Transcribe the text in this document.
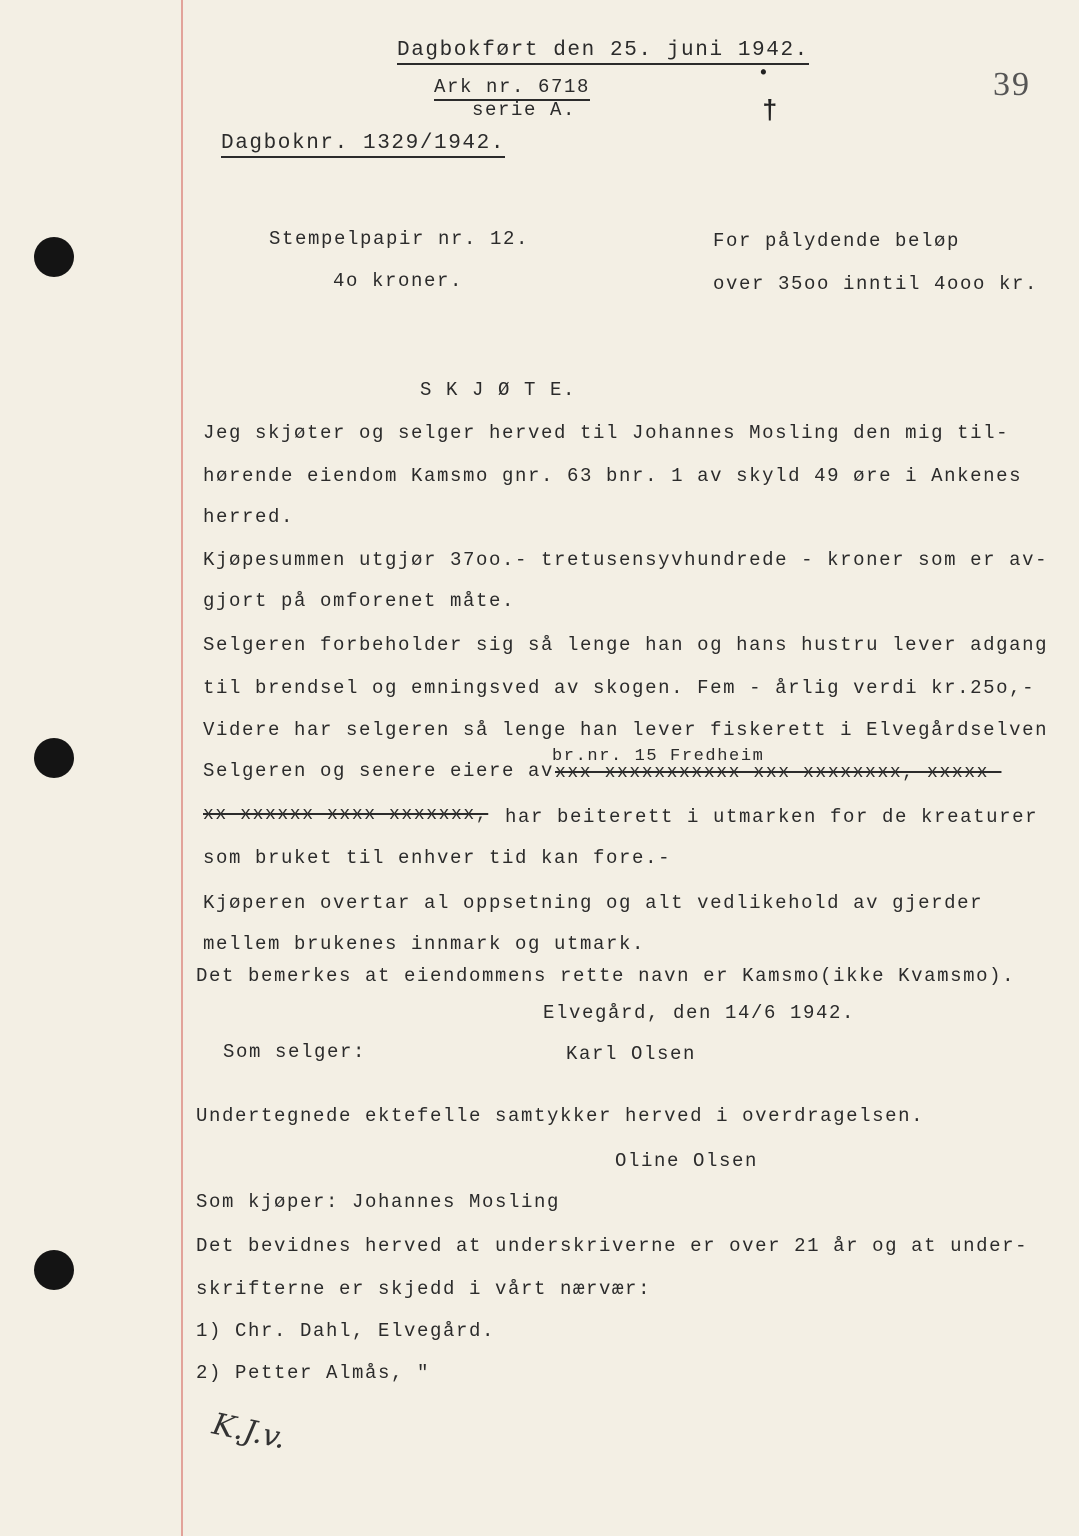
Dagbokført den 25. juni 1942.
Ark nr. 6718
serie A.
Dagboknr. 1329/1942.
39
•
†
Stempelpapir nr. 12.
4o kroner.
For pålydende beløp
over 35oo inntil 4ooo kr.
S K J Ø T E.
Jeg skjøter og selger herved til Johannes Mosling den mig til-
hørende eiendom Kamsmo gnr. 63 bnr. 1 av skyld 49 øre i Ankenes
herred.
Kjøpesummen utgjør 37oo.- tretusensyvhundrede - kroner som er av-
gjort på omforenet måte.
Selgeren forbeholder sig så lenge han og hans hustru lever adgang
til brendsel og emningsved av skogen. Fem - årlig verdi kr.25o,-
Videre har selgeren så lenge han lever fiskerett i Elvegårdselven
br.nr. 15 Fredheim
Selgeren og senere eiere av xxx xxxxxxxxxxx xxx xxxxxxxx, xxxxx-
xx xxxxxx xxxx xxxxxxx, har beiterett i utmarken for de kreaturer
som bruket til enhver tid kan fore.-
Kjøperen overtar al oppsetning og alt vedlikehold av gjerder
mellem brukenes innmark og utmark.
Det bemerkes at eiendommens rette navn er Kamsmo(ikke Kvamsmo).
Elvegård, den 14/6 1942.
Som selger:	Karl Olsen
Undertegnede ektefelle samtykker herved i overdragelsen.
Oline Olsen
Som kjøper: Johannes Mosling
Det bevidnes herved at underskriverne er over 21 år og at under-
skrifterne er skjedd i vårt nærvær:
1) Chr. Dahl, Elvegård.
2) Petter Almås, "
K.J.v.
